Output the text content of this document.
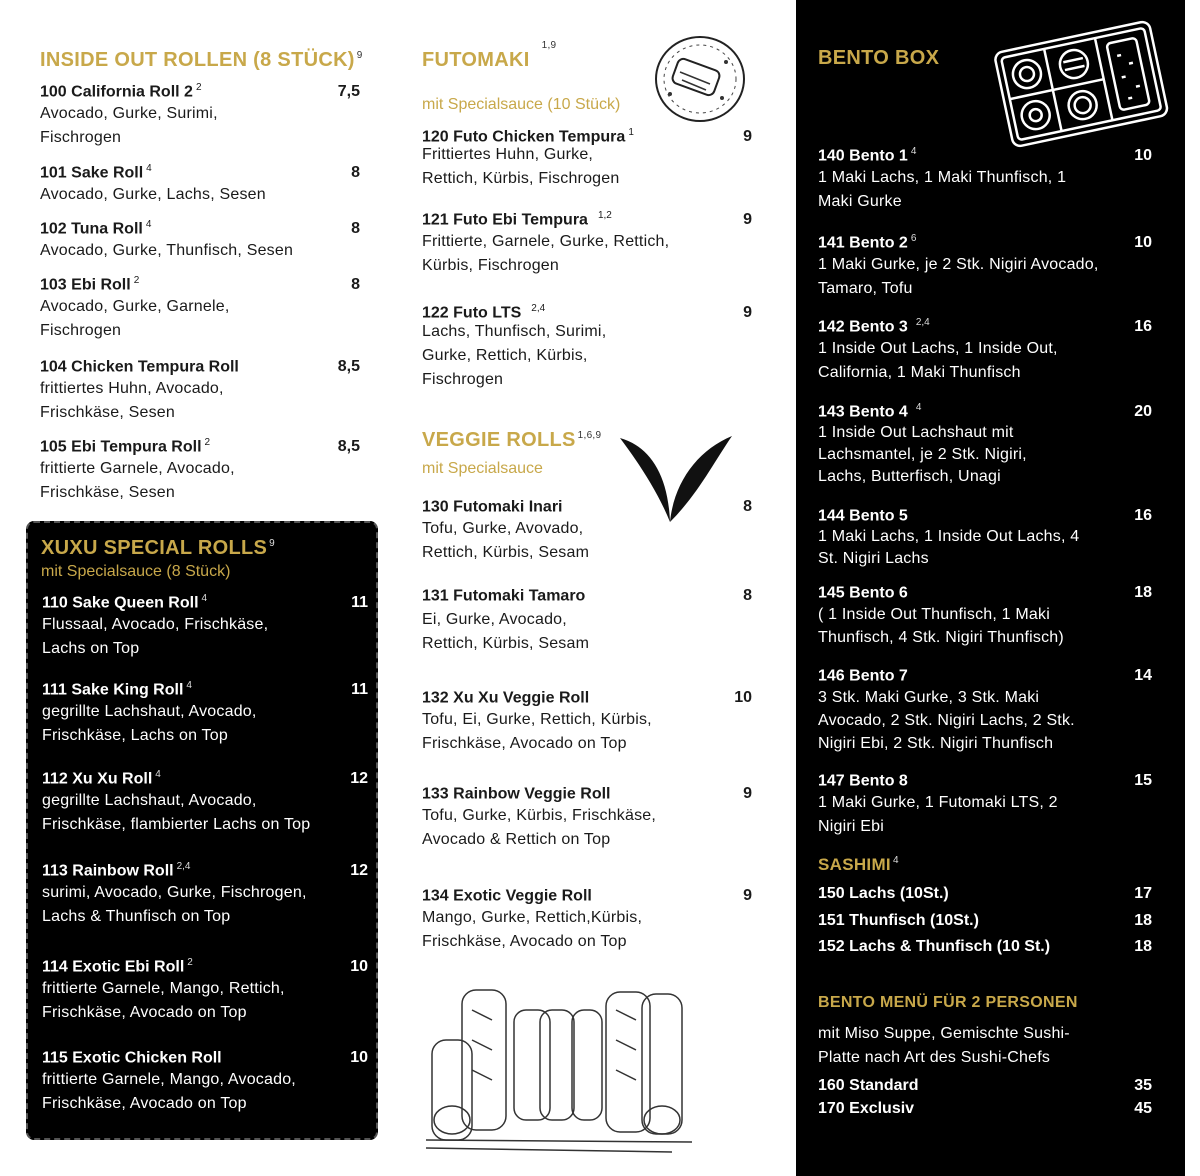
INSIDE OUT ROLLEN (8 STÜCK) $^9$
100 California Roll 2 $^2$	7,5
Avocado, Gurke, Surimi, Fischrogen
101 Sake Roll $^4$	8
Avocado, Gurke, Lachs, Sesen
102 Tuna Roll $^4$	8
Avocado, Gurke, Thunfisch, Sesen
103 Ebi Roll $^2$	8
Avocado, Gurke, Garnele, Fischrogen
104 Chicken Tempura Roll	8,5
frittiertes Huhn, Avocado, Frischkäse, Sesen
105 Ebi Tempura Roll $^2$	8,5
frittierte Garnele, Avocado, Frischkäse, Sesen
XUXU SPECIAL ROLLS $^9$
mit Specialsauce (8 Stück)
110 Sake Queen Roll $^4$	11
Flussaal, Avocado, Frischkäse, Lachs on Top
111 Sake King Roll $^4$	11
gegrillte Lachshaut, Avocado, Frischkäse, Lachs on Top
112 Xu Xu Roll $^4$	12
gegrillte Lachshaut, Avocado, Frischkäse, flambierter Lachs on Top
113 Rainbow Roll $^{2,4}$	12
surimi, Avocado, Gurke, Fischrogen, Lachs & Thunfisch on Top
114 Exotic Ebi Roll $^2$	10
frittierte Garnele, Mango, Rettich, Frischkäse, Avocado on Top
115 Exotic Chicken Roll	10
frittierte Garnele, Mango, Avocado, Frischkäse, Avocado on Top
FUTOMAKI$^{1,9}$
mit Specialsauce (10 Stück)
120 Futo Chicken Tempura $^1$	9
Frittiertes Huhn, Gurke, Rettich, Kürbis, Fischrogen
121 Futo Ebi Tempura $^{1,2}$	9
Frittierte, Garnele, Gurke, Rettich, Kürbis, Fischrogen
122 Futo LTS $^{2,4}$	9
Lachs, Thunfisch, Surimi, Gurke, Rettich, Kürbis, Fischrogen
VEGGIE ROLLS $^{1,6,9}$
mit Specialsauce
130 Futomaki Inari	8
Tofu, Gurke, Avovado, Rettich, Kürbis, Sesam
131 Futomaki Tamaro	8
Ei, Gurke, Avocado, Rettich, Kürbis, Sesam
132 Xu Xu Veggie Roll	10
Tofu, Ei, Gurke, Rettich, Kürbis, Frischkäse, Avocado on Top
133 Rainbow Veggie Roll	9
Tofu, Gurke, Kürbis, Frischkäse, Avocado & Rettich on Top
134 Exotic Veggie Roll	9
Mango, Gurke, Rettich,Kürbis, Frischkäse, Avocado on Top
BENTO BOX
140 Bento 1 $^4$	10
1 Maki Lachs, 1 Maki Thunfisch, 1 Maki Gurke
141 Bento 2 $^6$	10
1 Maki Gurke, je 2 Stk. Nigiri Avocado, Tamaro, Tofu
142 Bento 3 $^{2,4}$	16
1 Inside Out Lachs, 1 Inside Out, California, 1 Maki Thunfisch
143 Bento 4 $^4$	20
1 Inside Out Lachshaut mit Lachsmantel, je 2 Stk. Nigiri, Lachs, Butterfisch, Unagi
144 Bento 5	16
1 Maki Lachs, 1 Inside Out Lachs, 4 St. Nigiri Lachs
145 Bento 6	18
( 1 Inside Out Thunfisch, 1 Maki Thunfisch, 4 Stk. Nigiri Thunfisch)
146 Bento 7	14
3 Stk. Maki Gurke, 3 Stk. Maki Avocado, 2 Stk. Nigiri Lachs, 2 Stk. Nigiri Ebi, 2 Stk. Nigiri Thunfisch
147 Bento 8	15
1 Maki Gurke, 1 Futomaki LTS, 2 Nigiri Ebi
SASHIMI $^4$
150 Lachs (10St.)	17
151 Thunfisch (10St.)	18
152 Lachs & Thunfisch (10 St.)	18
BENTO MENÜ FÜR 2 PERSONEN
mit Miso Suppe, Gemischte Sushi-Platte nach Art des Sushi-Chefs
160 Standard	35
170 Exclusiv	45
